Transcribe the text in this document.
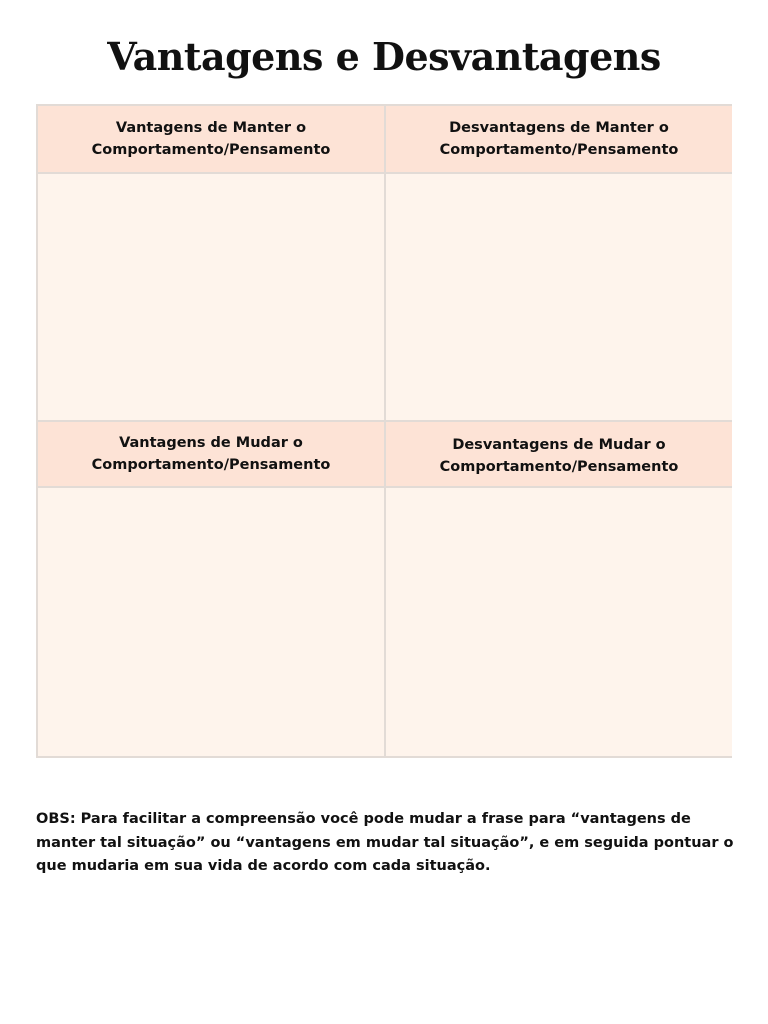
Vantagens e Desvantagens
Vantagens de Manter o
Comportamento/Pensamento
Desvantagens de Manter o
Comportamento/Pensamento
Vantagens de Mudar o
Comportamento/Pensamento
Desvantagens de Mudar o
Comportamento/Pensamento

OBS: Para facilitar a compreensão você pode mudar a frase para “vantagens de manter tal situação” ou “vantagens em mudar tal situação”, e em seguida pontuar o que mudaria em sua vida de acordo com cada situação.
